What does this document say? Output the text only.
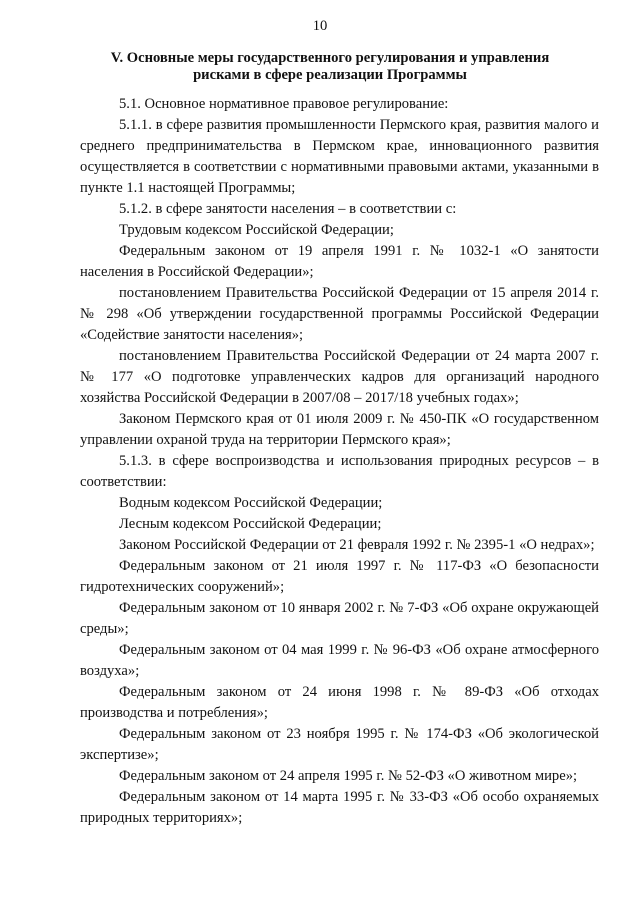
10
V. Основные меры государственного регулирования и управления рисками в сфере реализации Программы

5.1. Основное нормативное правовое регулирование:

5.1.1. в сфере развития промышленности Пермского края, развития малого и среднего предпринимательства в Пермском крае, инновационного развития осуществляется в соответствии с нормативными правовыми актами, указанными в пункте 1.1 настоящей Программы;

5.1.2. в сфере занятости населения – в соответствии с:

Трудовым кодексом Российской Федерации;

Федеральным законом от 19 апреля 1991 г. № 1032-1 «О занятости населения в Российской Федерации»;

постановлением Правительства Российской Федерации от 15 апреля 2014 г. № 298 «Об утверждении государственной программы Российской Федерации «Содействие занятости населения»;

постановлением Правительства Российской Федерации от 24 марта 2007 г. № 177 «О подготовке управленческих кадров для организаций народного хозяйства Российской Федерации в 2007/08 – 2017/18 учебных годах»;

Законом Пермского края от 01 июля 2009 г. № 450-ПК «О государственном управлении охраной труда на территории Пермского края»;

5.1.3. в сфере воспроизводства и использования природных ресурсов – в соответствии:

Водным кодексом Российской Федерации;

Лесным кодексом Российской Федерации;

Законом Российской Федерации от 21 февраля 1992 г. № 2395-1 «О недрах»;

Федеральным законом от 21 июля 1997 г. № 117-ФЗ «О безопасности гидротехнических сооружений»;

Федеральным законом от 10 января 2002 г. № 7-ФЗ «Об охране окружающей среды»;

Федеральным законом от 04 мая 1999 г. № 96-ФЗ «Об охране атмосферного воздуха»;

Федеральным законом от 24 июня 1998 г. № 89-ФЗ «Об отходах производства и потребления»;

Федеральным законом от 23 ноября 1995 г. № 174-ФЗ «Об экологической экспертизе»;

Федеральным законом от 24 апреля 1995 г. № 52-ФЗ «О животном мире»;

Федеральным законом от 14 марта 1995 г. № 33-ФЗ «Об особо охраняемых природных территориях»;
